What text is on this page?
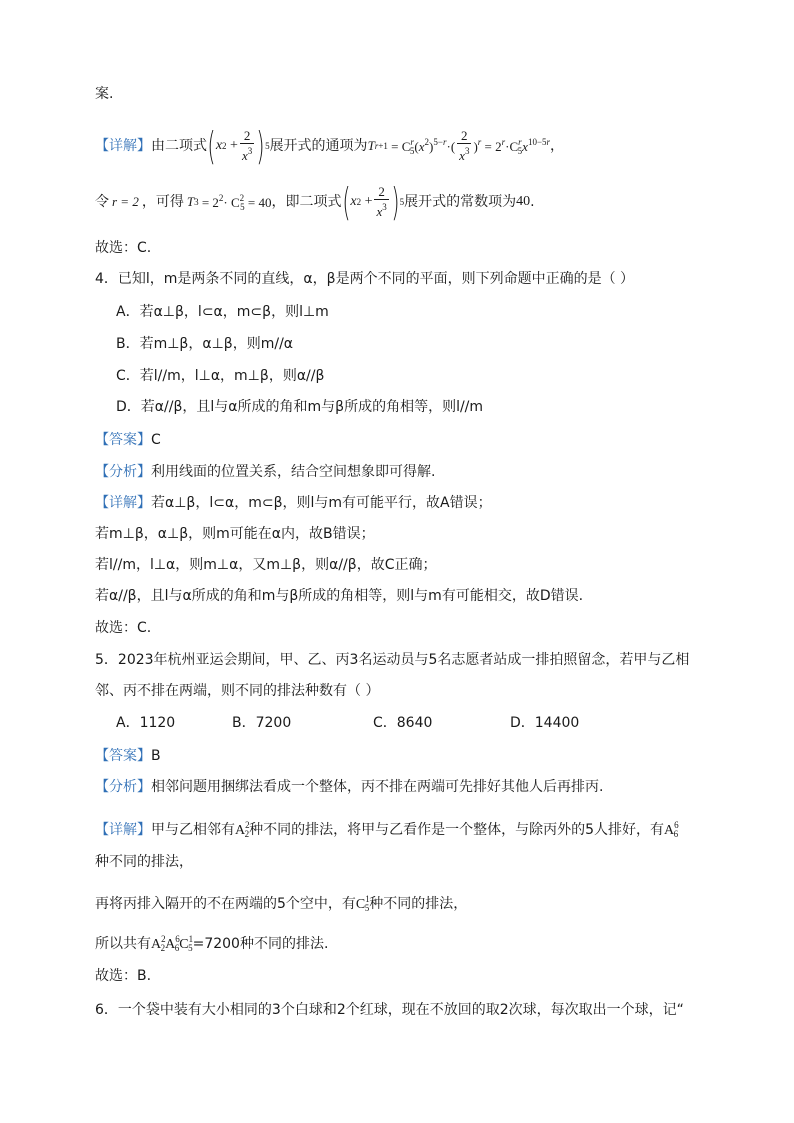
案.
【详解】 由二项式 ( x $2 + \frac{2}{x^3}$ ) 5 展开式的通项为 T $r+1 = C^r_5(x^2)^{5-r}\cdot( \frac{2}{x^3} )^r = 2^r\cdot C^r_5x^{10-5r}$ ，
令 r = 2 ，可得 T $3 = 2^2\cdot C^2_5 = 40$ ，即二项式 ( x $2 + \frac{2}{x^3}$ ) 5 展开式的常数项为 40 .
故选：C.
4．已知l，m是两条不同的直线，α，β是两个不同的平面，则下列命题中正确的是（ ）
A．若α⊥β，l⊂α，m⊂β，则l⊥m
B．若m⊥β，α⊥β，则m//α
C．若l//m，l⊥α，m⊥β，则α//β
D．若α//β，且l与α所成的角和m与β所成的角相等，则l//m
【答案】C
【分析】利用线面的位置关系，结合空间想象即可得解.
【详解】若α⊥β，l⊂α，m⊂β，则l与m有可能平行，故A错误；
若m⊥β，α⊥β，则m可能在α内，故B错误；
若l//m，l⊥α，则m⊥α，又m⊥β，则α//β，故C正确；
若α//β，且l与α所成的角和m与β所成的角相等，则l与m有可能相交，故D错误.
故选：C.
5．2023年杭州亚运会期间，甲、乙、丙3名运动员与5名志愿者站成一排拍照留念，若甲与乙相
邻、丙不排在两端，则不同的排法种数有（ ）
A．1120	B．7200	C．8640	D．14400
【答案】B
【分析】相邻问题用捆绑法看成一个整体，丙不排在两端可先排好其他人后再排丙.
【详解】甲与乙相邻有$A^2_2$种不同的排法，将甲与乙看作是一个整体，与除丙外的5人排好，有$A^6_6$
种不同的排法，
再将丙排入隔开的不在两端的5个空中，有$C^1_5$种不同的排法，
所以共有$A^2_2A^6_6C^1_5=7200$种不同的排法.
故选：B.
6．一个袋中装有大小相同的3个白球和2个红球，现在不放回的取2次球，每次取出一个球，记“
